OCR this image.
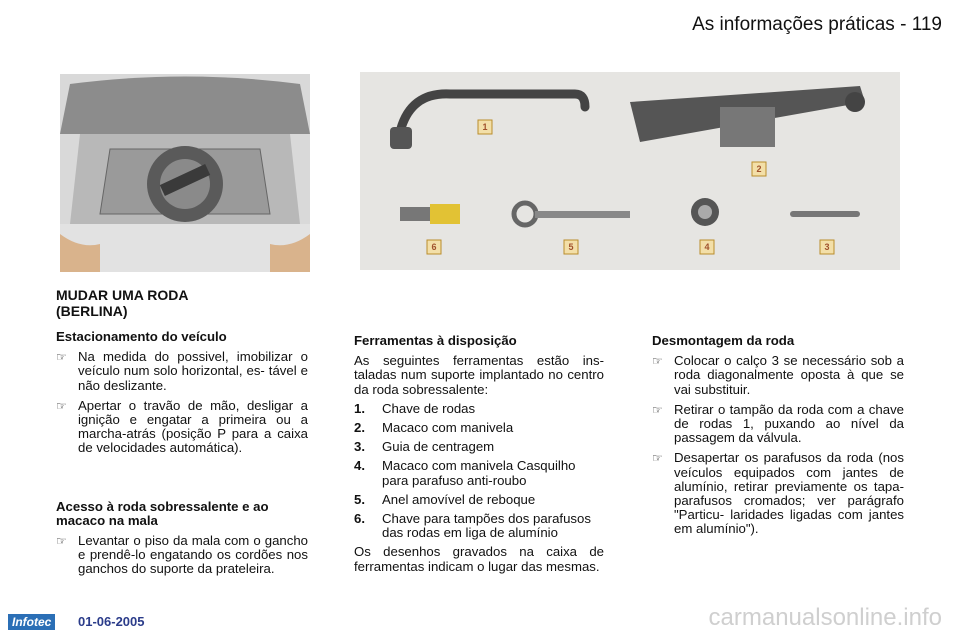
As informações práticas - 119
1
2
3
4
5
6
MUDAR UMA RODA
(BERLINA)
Estacionamento do veículo
☞ Na medida do possivel, imobilizar o veículo num solo horizontal, es- tável e não deslizante.
☞ Apertar o travão de mão, desligar a ignição e engatar a primeira ou a marcha-atrás (posição P para a caixa de velocidades automática).
Acesso à roda sobressalente e ao macaco na mala
☞ Levantar o piso da mala com o gancho e prendê-lo engatando os cordões nos ganchos do suporte da prateleira.
Ferramentas à disposição
As seguintes ferramentas estão ins- taladas num suporte implantado no centro da roda sobressalente:
1. Chave de rodas
2. Macaco com manivela
3. Guia de centragem
4. Macaco com manivela Casquilho para parafuso anti-roubo
5. Anel amovível de reboque
6. Chave para tampões dos parafusos das rodas em liga de alumínio
Os desenhos gravados na caixa de ferramentas indicam o lugar das mesmas.
Desmontagem da roda
☞ Colocar o calço 3 se necessário sob a roda diagonalmente oposta à que se vai substituir.
☞ Retirar o tampão da roda com a chave de rodas 1, puxando ao nível da passagem da válvula.
☞ Desapertar os parafusos da roda (nos veículos equipados com jantes de alumínio, retirar previamente os tapa-parafusos cromados; ver parágrafo "Particu- laridades ligadas com jantes em alumínio").
Infotec	01-06-2005	carmanualsonline.info
